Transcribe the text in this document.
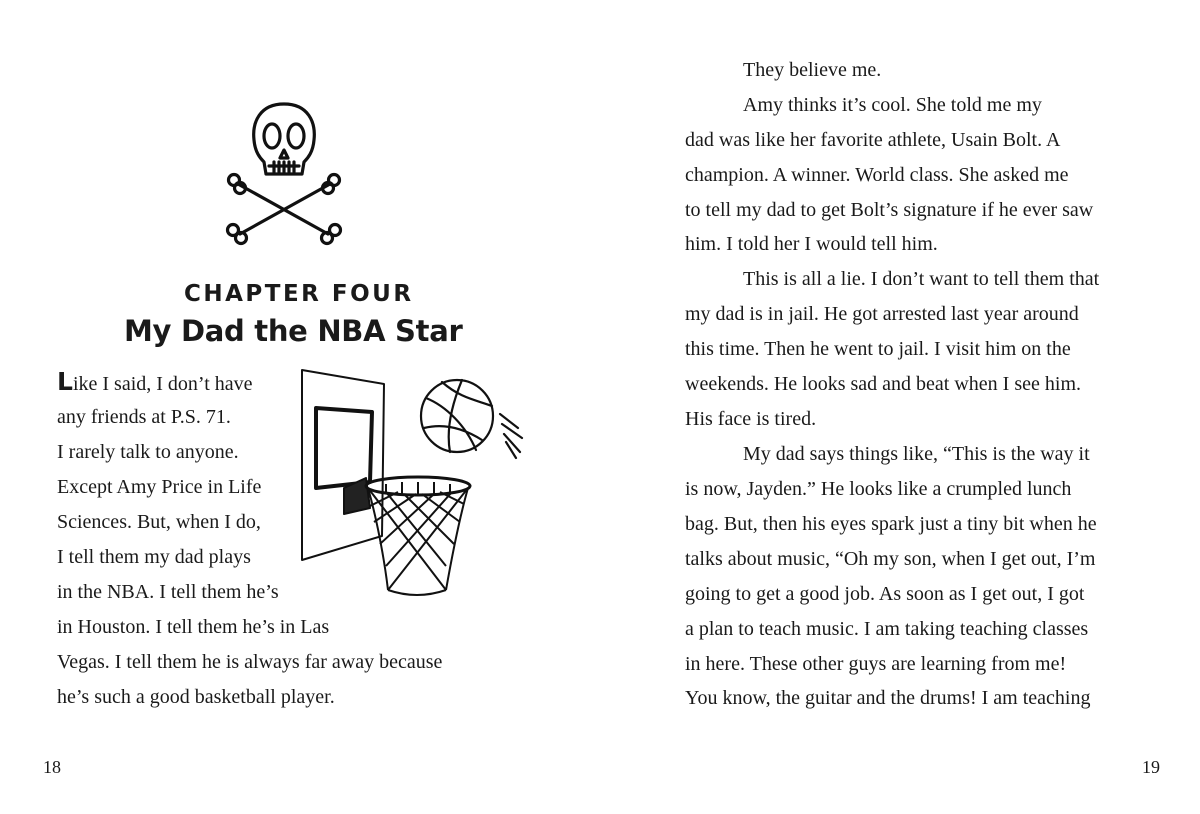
CHAPTER FOUR
My Dad the NBA Star
Like I said, I don’t have
any friends at P.S. 71.
I rarely talk to anyone.
Except Amy Price in Life
Sciences. But, when I do,
I tell them my dad plays
in the NBA. I tell them he’s
in Houston. I tell them he’s in Las
Vegas. I tell them he is always far away because
he’s such a good basketball player.
18
They believe me.
Amy thinks it’s cool. She told me my
dad was like her favorite athlete, Usain Bolt. A
champion. A winner. World class. She asked me
to tell my dad to get Bolt’s signature if he ever saw
him. I told her I would tell him.
This is all a lie. I don’t want to tell them that
my dad is in jail. He got arrested last year around
this time. Then he went to jail. I visit him on the
weekends. He looks sad and beat when I see him.
His face is tired.
My dad says things like, “This is the way it
is now, Jayden.” He looks like a crumpled lunch
bag. But, then his eyes spark just a tiny bit when he
talks about music, “Oh my son, when I get out, I’m
going to get a good job. As soon as I get out, I got
a plan to teach music. I am taking teaching classes
in here. These other guys are learning from me!
You know, the guitar and the drums! I am teaching
19
